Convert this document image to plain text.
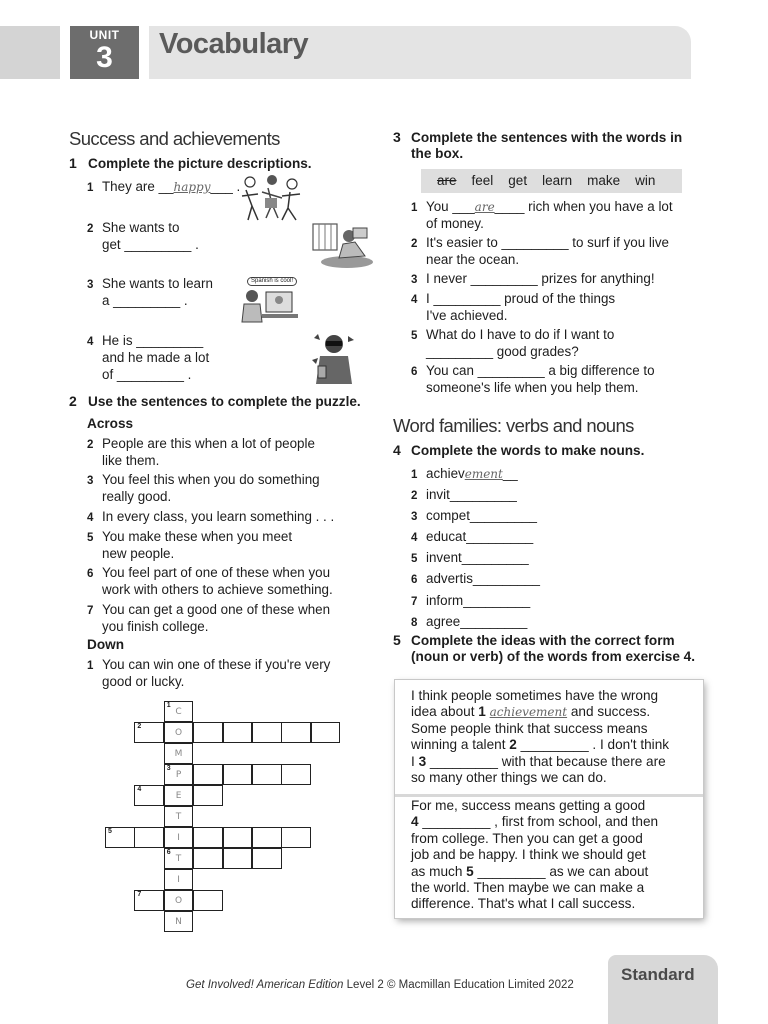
UNIT
3	Vocabulary
Success and achievements
1 Complete the picture descriptions.
1 They are __happy___ .
2 She wants to
get _________ .
3 She wants to learn
a _________ .
4 He is _________
and he made a lot
of _________ .
Spanish is cool!
2 Use the sentences to complete the puzzle.
Across
2 People are this when a lot of people
like them.
3 You feel this when you do something
really good.
4 In every class, you learn something . . .
5 You make these when you meet
new people.
6 You feel part of one of these when you
work with others to achieve something.
7 You can get a good one of these when
you finish college.
Down
1 You can win one of these if you're very
good or lucky.
1
C
2
O
M
3
P
4
E
T
5
I
6
T
I
7
O
N
3 Complete the sentences with the words in
the box.
are feel get learn make win
1 You ___are____ rich when you have a lot
of money.
2 It's easier to _________ to surf if you live
near the ocean.
3 I never _________ prizes for anything!
4 I _________ proud of the things
I've achieved.
5 What do I have to do if I want to
_________ good grades?
6 You can _________ a big difference to
someone's life when you help them.
Word families: verbs and nouns
4 Complete the words to make nouns.
1 achievement__
2 invit_________
3 compet_________
4 educat_________
5 invent_________
6 advertis_________
7 inform_________
8 agree_________
5 Complete the ideas with the correct form
(noun or verb) of the words from exercise 4.
I think people sometimes have the wrong
idea about 1 achievement and success.
Some people think that success means
winning a talent 2 _________ . I don't think
I 3 _________ with that because there are
so many other things we can do.
For me, success means getting a good
4 _________ , first from school, and then
from college. Then you can get a good
job and be happy. I think we should get
as much 5 _________ as we can about
the world. Then maybe we can make a
difference. That's what I call success.
Get Involved! American Edition Level 2 © Macmillan Education Limited 2022
Standard
